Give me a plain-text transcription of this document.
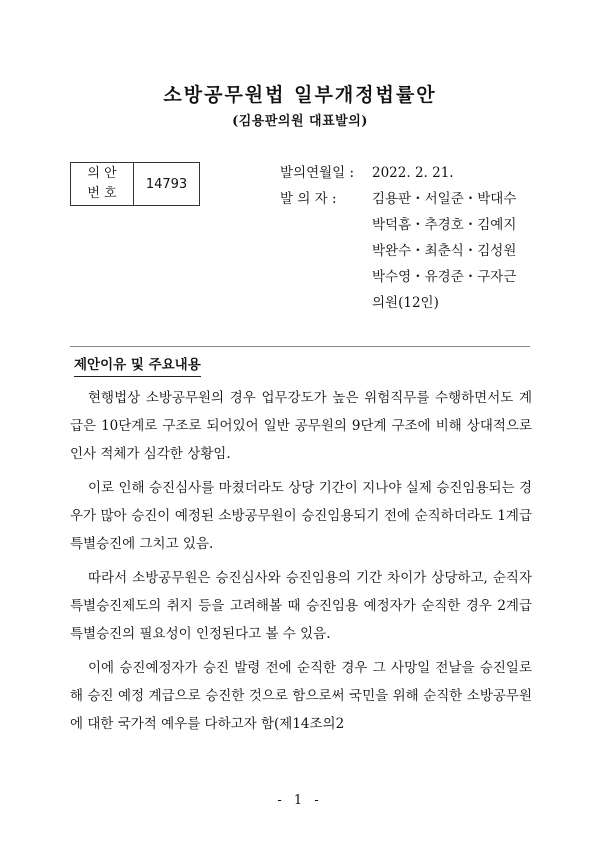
소방공무원법 일부개정법률안
(김용판의원 대표발의)
의 안
번 호
	14793
발의연월일 :	2022. 2. 21.
발 의 자 :	김용판・서일준・박대수
박덕흠・추경호・김예지
박완수・최춘식・김성원
박수영・유경준・구자근
의원(12인)
제안이유 및 주요내용

현행법상 소방공무원의 경우 업무강도가 높은 위험직무를 수행하면서도 계급은 10단계로 구조로 되어있어 일반 공무원의 9단계 구조에 비해 상대적으로 인사 적체가 심각한 상황임.

이로 인해 승진심사를 마쳤더라도 상당 기간이 지나야 실제 승진임용되는 경우가 많아 승진이 예정된 소방공무원이 승진임용되기 전에 순직하더라도 1계급 특별승진에 그치고 있음.

따라서 소방공무원은 승진심사와 승진임용의 기간 차이가 상당하고, 순직자 특별승진제도의 취지 등을 고려해볼 때 승진임용 예정자가 순직한 경우 2계급 특별승진의 필요성이 인정된다고 볼 수 있음.

이에 승진예정자가 승진 발령 전에 순직한 경우 그 사망일 전날을 승진일로 해 승진 예정 계급으로 승진한 것으로 함으로써 국민을 위해 순직한 소방공무원에 대한 국가적 예우를 다하고자 함(제14조의2

- 1 -
